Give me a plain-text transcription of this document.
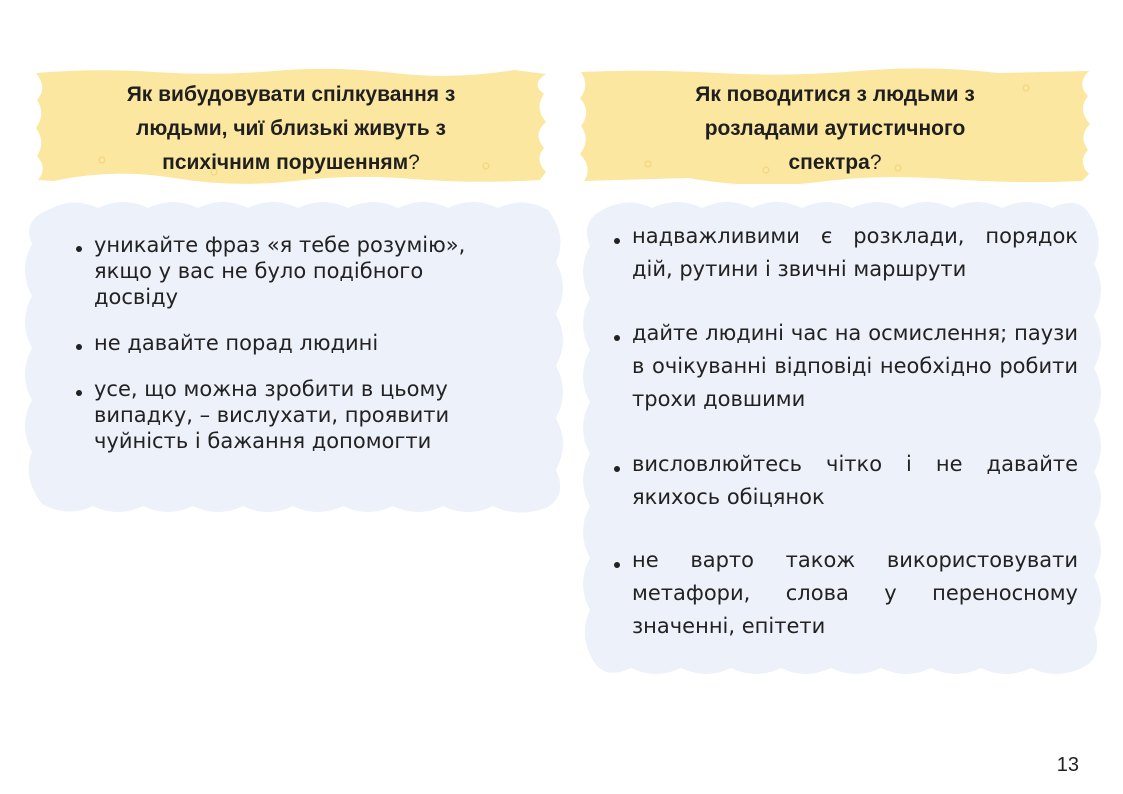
Як вибудовувати спілкування з
людьми, чиї близькі живуть з
психічним порушенням?
Як поводитися з людьми з
розладами аутистичного
спектра?
уникайте фраз «я тебе розумію», якщо у вас не було подібного досвіду
не давайте порад людині
усе, що можна зробити в цьому випадку, – вислухати, проявити чуйність і бажання допомогти
надважливими є розклади, порядок дій, рутини і звичні маршрути
дайте людині час на осмислення; паузи в очікуванні відповіді необхідно робити трохи довшими
висловлюйтесь чітко і не давайте якихось обіцянок
не варто також використовувати метафори, слова у переносному значенні, епітети
13
